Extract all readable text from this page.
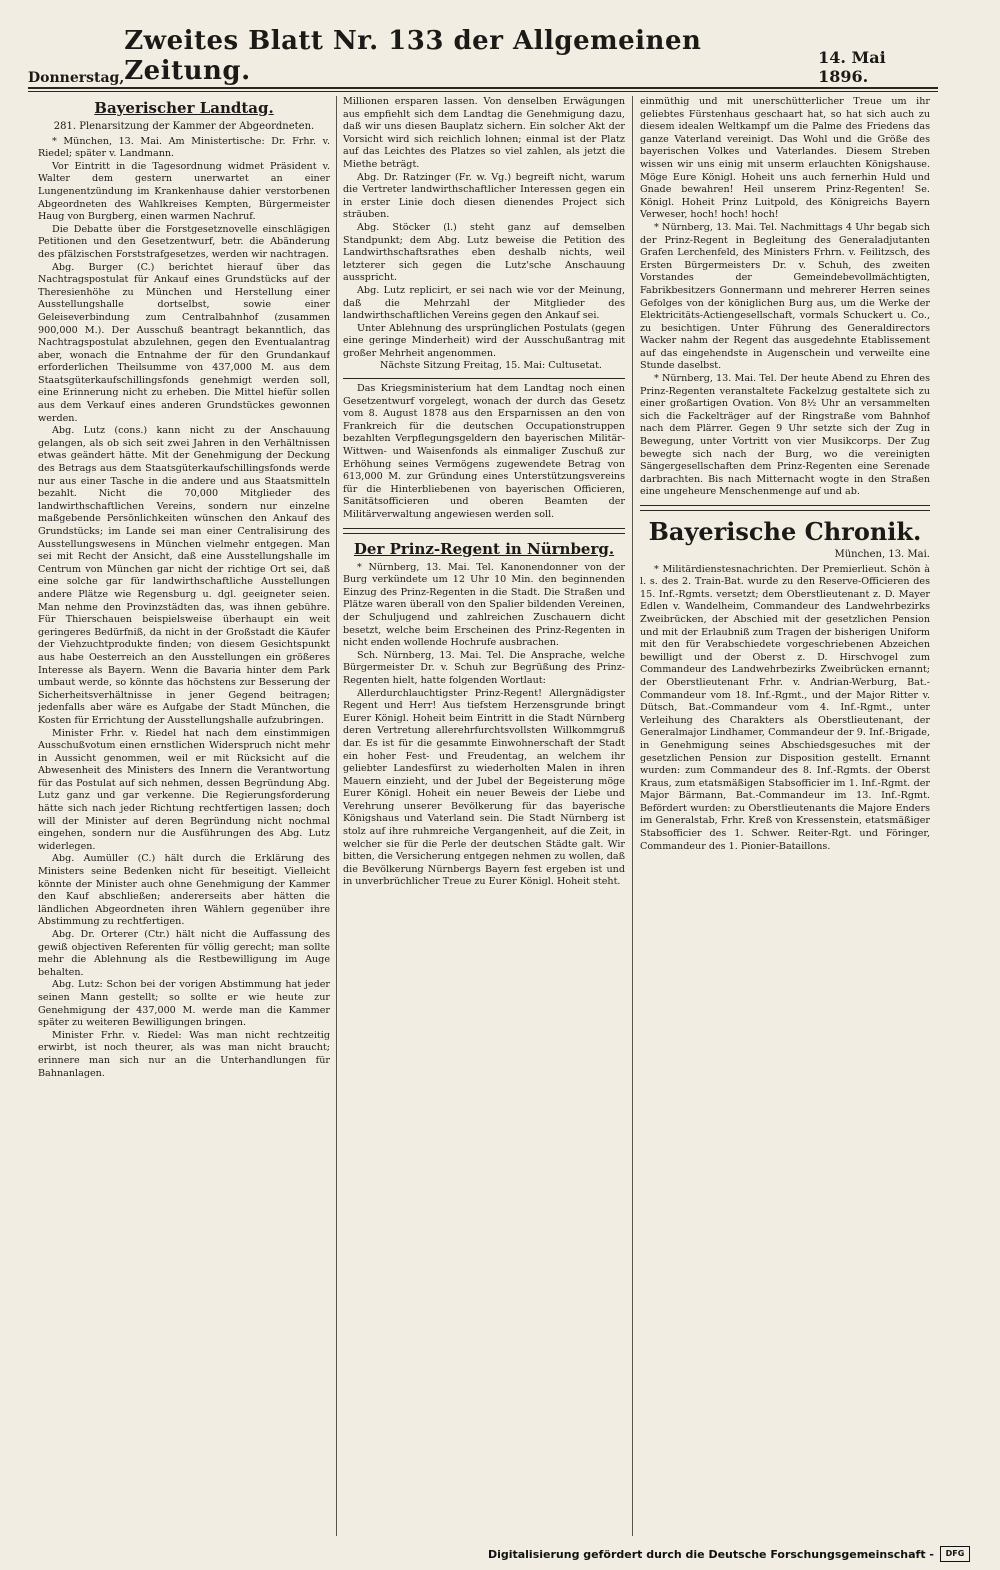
Donnerstag,
Zweites Blatt Nr. 133 der Allgemeinen Zeitung.	14. Mai 1896.
Bayerischer Landtag.
281. Plenarsitzung der Kammer der Abgeordneten.

* München, 13. Mai. Am Ministertische: Dr. Frhr. v. Riedel; später v. Landmann.

Vor Eintritt in die Tagesordnung widmet Präsident v. Walter dem gestern unerwartet an einer Lungenentzündung im Krankenhause dahier verstorbenen Abgeordneten des Wahlkreises Kempten, Bürgermeister Haug von Burgberg, einen warmen Nachruf.

Die Debatte über die Forstgesetznovelle einschlägigen Petitionen und den Gesetzentwurf, betr. die Abänderung des pfälzischen Forststrafgesetzes, werden wir nachtragen.

Abg. Burger (C.) berichtet hierauf über das Nachtragspostulat für Ankauf eines Grundstücks auf der Theresienhöhe zu München und Herstellung einer Ausstellungshalle dortselbst, sowie einer Geleiseverbindung zum Centralbahnhof (zusammen 900,000 M.). Der Ausschuß beantragt bekanntlich, das Nachtragspostulat abzulehnen, gegen den Eventualantrag aber, wonach die Entnahme der für den Grundankauf erforderlichen Theilsumme von 437,000 M. aus dem Staatsgüterkaufschillingsfonds genehmigt werden soll, eine Erinnerung nicht zu erheben. Die Mittel hiefür sollen aus dem Verkauf eines anderen Grundstückes gewonnen werden.

Abg. Lutz (cons.) kann nicht zu der Anschauung gelangen, als ob sich seit zwei Jahren in den Verhältnissen etwas geändert hätte. Mit der Genehmigung der Deckung des Betrags aus dem Staatsgüterkaufschillingsfonds werde nur aus einer Tasche in die andere und aus Staatsmitteln bezahlt. Nicht die 70,000 Mitglieder des landwirthschaftlichen Vereins, sondern nur einzelne maßgebende Persönlichkeiten wünschen den Ankauf des Grundstücks; im Lande sei man einer Centralisirung des Ausstellungswesens in München vielmehr entgegen. Man sei mit Recht der Ansicht, daß eine Ausstellungshalle im Centrum von München gar nicht der richtige Ort sei, daß eine solche gar für landwirthschaftliche Ausstellungen andere Plätze wie Regensburg u. dgl. geeigneter seien. Man nehme den Provinzstädten das, was ihnen gebühre. Für Thierschauen beispielsweise überhaupt ein weit geringeres Bedürfniß, da nicht in der Großstadt die Käufer der Viehzuchtprodukte finden; von diesem Gesichtspunkt aus habe Oesterreich an den Ausstellungen ein größeres Interesse als Bayern. Wenn die Bavaria hinter dem Park umbaut werde, so könnte das höchstens zur Besserung der Sicherheitsverhältnisse in jener Gegend beitragen; jedenfalls aber wäre es Aufgabe der Stadt München, die Kosten für Errichtung der Ausstellungshalle aufzubringen.

Minister Frhr. v. Riedel hat nach dem einstimmigen Ausschußvotum einen ernstlichen Widerspruch nicht mehr in Aussicht genommen, weil er mit Rücksicht auf die Abwesenheit des Ministers des Innern die Verantwortung für das Postulat auf sich nehmen, dessen Begründung Abg. Lutz ganz und gar verkenne. Die Regierungsforderung hätte sich nach jeder Richtung rechtfertigen lassen; doch will der Minister auf deren Begründung nicht nochmal eingehen, sondern nur die Ausführungen des Abg. Lutz widerlegen.

Abg. Aumüller (C.) hält durch die Erklärung des Ministers seine Bedenken nicht für beseitigt. Vielleicht könnte der Minister auch ohne Genehmigung der Kammer den Kauf abschließen; andererseits aber hätten die ländlichen Abgeordneten ihren Wählern gegenüber ihre Abstimmung zu rechtfertigen.

Abg. Dr. Orterer (Ctr.) hält nicht die Auffassung des gewiß objectiven Referenten für völlig gerecht; man sollte mehr die Ablehnung als die Restbewilligung im Auge behalten.

Abg. Lutz: Schon bei der vorigen Abstimmung hat jeder seinen Mann gestellt; so sollte er wie heute zur Genehmigung der 437,000 M. werde man die Kammer später zu weiteren Bewilligungen bringen.

Minister Frhr. v. Riedel: Was man nicht rechtzeitig erwirbt, ist noch theurer, als was man nicht braucht; erinnere man sich nur an die Unterhandlungen für Bahnanlagen.

Millionen ersparen lassen. Von denselben Erwägungen aus empfiehlt sich dem Landtag die Genehmigung dazu, daß wir uns diesen Bauplatz sichern. Ein solcher Akt der Vorsicht wird sich reichlich lohnen; einmal ist der Platz auf das Leichtes des Platzes so viel zahlen, als jetzt die Miethe beträgt.

Abg. Dr. Ratzinger (Fr. w. Vg.) begreift nicht, warum die Vertreter landwirthschaftlicher Interessen gegen ein in erster Linie doch diesen dienendes Project sich sträuben.

Abg. Stöcker (l.) steht ganz auf demselben Standpunkt; dem Abg. Lutz beweise die Petition des Landwirthschaftsrathes eben deshalb nichts, weil letzterer sich gegen die Lutz'sche Anschauung ausspricht.

Abg. Lutz replicirt, er sei nach wie vor der Meinung, daß die Mehrzahl der Mitglieder des landwirthschaftlichen Vereins gegen den Ankauf sei.

Unter Ablehnung des ursprünglichen Postulats (gegen eine geringe Minderheit) wird der Ausschußantrag mit großer Mehrheit angenommen.

Nächste Sitzung Freitag, 15. Mai: Cultusetat.

Das Kriegsministerium hat dem Landtag noch einen Gesetzentwurf vorgelegt, wonach der durch das Gesetz vom 8. August 1878 aus den Ersparnissen an den von Frankreich für die deutschen Occupationstruppen bezahlten Verpflegungsgeldern den bayerischen Militär-Wittwen- und Waisenfonds als einmaliger Zuschuß zur Erhöhung seines Vermögens zugewendete Betrag von 613,000 M. zur Gründung eines Unterstützungsvereins für die Hinterbliebenen von bayerischen Officieren, Sanitätsofficieren und oberen Beamten der Militärverwaltung angewiesen werden soll.

Der Prinz-Regent in Nürnberg.

* Nürnberg, 13. Mai. Tel. Kanonendonner von der Burg verkündete um 12 Uhr 10 Min. den beginnenden Einzug des Prinz-Regenten in die Stadt. Die Straßen und Plätze waren überall von den Spalier bildenden Vereinen, der Schuljugend und zahlreichen Zuschauern dicht besetzt, welche beim Erscheinen des Prinz-Regenten in nicht enden wollende Hochrufe ausbrachen.

Sch. Nürnberg, 13. Mai. Tel. Die Ansprache, welche Bürgermeister Dr. v. Schuh zur Begrüßung des Prinz-Regenten hielt, hatte folgenden Wortlaut:

Allerdurchlauchtigster Prinz-Regent! Allergnädigster Regent und Herr! Aus tiefstem Herzensgrunde bringt Eurer Königl. Hoheit beim Eintritt in die Stadt Nürnberg deren Vertretung allerehrfurchtsvollsten Willkommgruß dar. Es ist für die gesammte Einwohnerschaft der Stadt ein hoher Fest- und Freudentag, an welchem ihr geliebter Landesfürst zu wiederholten Malen in ihren Mauern einzieht, und der Jubel der Begeisterung möge Eurer Königl. Hoheit ein neuer Beweis der Liebe und Verehrung unserer Bevölkerung für das bayerische Königshaus und Vaterland sein. Die Stadt Nürnberg ist stolz auf ihre ruhmreiche Vergangenheit, auf die Zeit, in welcher sie für die Perle der deutschen Städte galt. Wir bitten, die Versicherung entgegen nehmen zu wollen, daß die Bevölkerung Nürnbergs Bayern fest ergeben ist und in unverbrüchlicher Treue zu Eurer Königl. Hoheit steht.

einmüthig und mit unerschütterlicher Treue um ihr geliebtes Fürstenhaus geschaart hat, so hat sich auch zu diesem idealen Weltkampf um die Palme des Friedens das ganze Vaterland vereinigt. Das Wohl und die Größe des bayerischen Volkes und Vaterlandes. Diesem Streben wissen wir uns einig mit unserm erlauchten Königshause. Möge Eure Königl. Hoheit uns auch fernerhin Huld und Gnade bewahren! Heil unserem Prinz-Regenten! Se. Königl. Hoheit Prinz Luitpold, des Königreichs Bayern Verweser, hoch! hoch! hoch!

* Nürnberg, 13. Mai. Tel. Nachmittags 4 Uhr begab sich der Prinz-Regent in Begleitung des Generaladjutanten Grafen Lerchenfeld, des Ministers Frhrn. v. Feilitzsch, des Ersten Bürgermeisters Dr. v. Schuh, des zweiten Vorstandes der Gemeindebevollmächtigten, Fabrikbesitzers Gonnermann und mehrerer Herren seines Gefolges von der königlichen Burg aus, um die Werke der Elektricitäts-Actiengesellschaft, vormals Schuckert u. Co., zu besichtigen. Unter Führung des Generaldirectors Wacker nahm der Regent das ausgedehnte Etablissement auf das eingehendste in Augenschein und verweilte eine Stunde daselbst.

* Nürnberg, 13. Mai. Tel. Der heute Abend zu Ehren des Prinz-Regenten veranstaltete Fackelzug gestaltete sich zu einer großartigen Ovation. Von 8½ Uhr an versammelten sich die Fackelträger auf der Ringstraße vom Bahnhof nach dem Plärrer. Gegen 9 Uhr setzte sich der Zug in Bewegung, unter Vortritt von vier Musikcorps. Der Zug bewegte sich nach der Burg, wo die vereinigten Sängergesellschaften dem Prinz-Regenten eine Serenade darbrachten. Bis nach Mitternacht wogte in den Straßen eine ungeheure Menschenmenge auf und ab.

Bayerische Chronik.
München, 13. Mai.

* Militärdienstesnachrichten. Der Premierlieut. Schön à l. s. des 2. Train-Bat. wurde zu den Reserve-Officieren des 15. Inf.-Rgmts. versetzt; dem Oberstlieutenant z. D. Mayer Edlen v. Wandelheim, Commandeur des Landwehrbezirks Zweibrücken, der Abschied mit der gesetzlichen Pension und mit der Erlaubniß zum Tragen der bisherigen Uniform mit den für Verabschiedete vorgeschriebenen Abzeichen bewilligt und der Oberst z. D. Hirschvogel zum Commandeur des Landwehrbezirks Zweibrücken ernannt; der Oberstlieutenant Frhr. v. Andrian-Werburg, Bat.-Commandeur vom 18. Inf.-Rgmt., und der Major Ritter v. Dütsch, Bat.-Commandeur vom 4. Inf.-Rgmt., unter Verleihung des Charakters als Oberstlieutenant, der Generalmajor Lindhamer, Commandeur der 9. Inf.-Brigade, in Genehmigung seines Abschiedsgesuches mit der gesetzlichen Pension zur Disposition gestellt. Ernannt wurden: zum Commandeur des 8. Inf.-Rgmts. der Oberst Kraus, zum etatsmäßigen Stabsofficier im 1. Inf.-Rgmt. der Major Bärmann, Bat.-Commandeur im 13. Inf.-Rgmt. Befördert wurden: zu Oberstlieutenants die Majore Enders im Generalstab, Frhr. Kreß von Kressenstein, etatsmäßiger Stabsofficier des 1. Schwer. Reiter-Rgt. und Föringer, Commandeur des 1. Pionier-Bataillons.

Digitalisierung gefördert durch die Deutsche Forschungsgemeinschaft -	DFG
